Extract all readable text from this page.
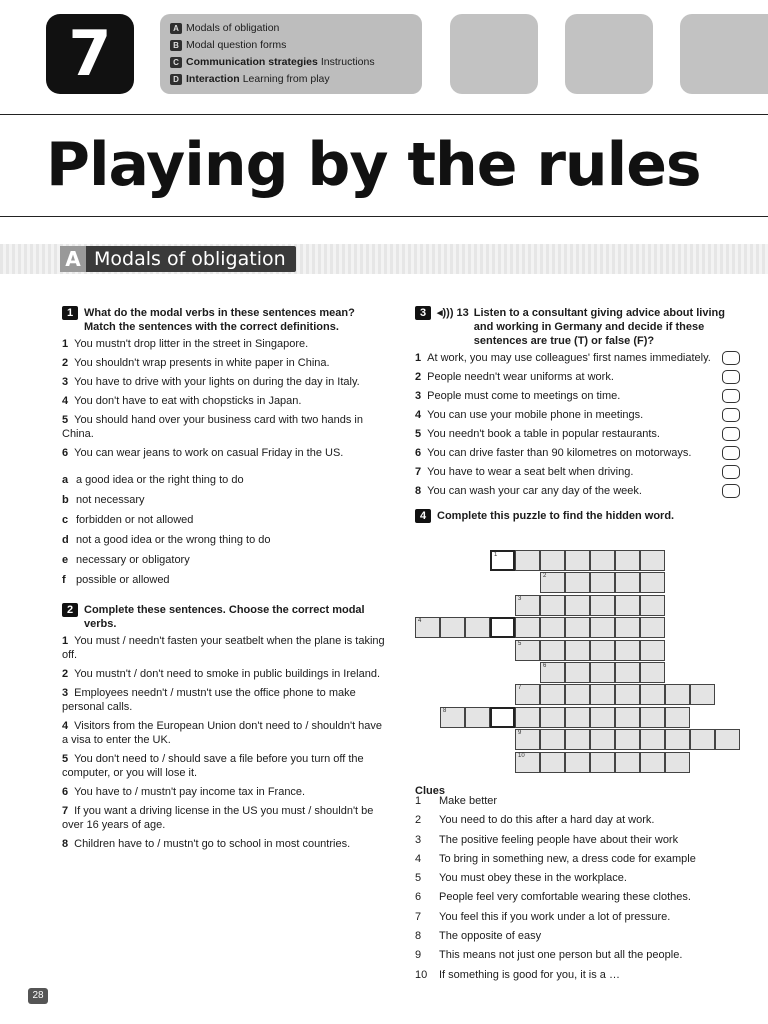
7	A Modals of obligation
B Modal question forms
C Communication strategies Instructions
D Interaction Learning from play
Playing by the rules
A Modals of obligation
1 What do the modal verbs in these sentences mean? Match the sentences with the correct definitions.
1 You mustn't drop litter in the street in Singapore.
2 You shouldn't wrap presents in white paper in China.
3 You have to drive with your lights on during the day in Italy.
4 You don't have to eat with chopsticks in Japan.
5 You should hand over your business card with two hands in China.
6 You can wear jeans to work on casual Friday in the US.
a a good idea or the right thing to do
b not necessary
c forbidden or not allowed
d not a good idea or the wrong thing to do
e necessary or obligatory
f possible or allowed
2 Complete these sentences. Choose the correct modal verbs.
1 You must / needn't fasten your seatbelt when the plane is taking off.
2 You mustn't / don't need to smoke in public buildings in Ireland.
3 Employees needn't / mustn't use the office phone to make personal calls.
4 Visitors from the European Union don't need to / shouldn't have a visa to enter the UK.
5 You don't need to / should save a file before you turn off the computer, or you will lose it.
6 You have to / mustn't pay income tax in France.
7 If you want a driving license in the US you must / shouldn't be over 16 years of age.
8 Children have to / mustn't go to school in most countries.
3 ◂))) 13 Listen to a consultant giving advice about living and working in Germany and decide if these sentences are true (T) or false (F)?
1 At work, you may use colleagues' first names immediately.
2 People needn't wear uniforms at work.
3 People must come to meetings on time.
4 You can use your mobile phone in meetings.
5 You needn't book a table in popular restaurants.
6 You can drive faster than 90 kilometres on motorways.
7 You have to wear a seat belt when driving.
8 You can wash your car any day of the week.
4 Complete this puzzle to find the hidden word.
1
2
3
4
5
6
7
8
9
10
Clues
1	Make better
2	You need to do this after a hard day at work.
3	The positive feeling people have about their work
4	To bring in something new, a dress code for example
5	You must obey these in the workplace.
6	People feel very comfortable wearing these clothes.
7	You feel this if you work under a lot of pressure.
8	The opposite of easy
9	This means not just one person but all the people.
10	If something is good for you, it is a …
28
